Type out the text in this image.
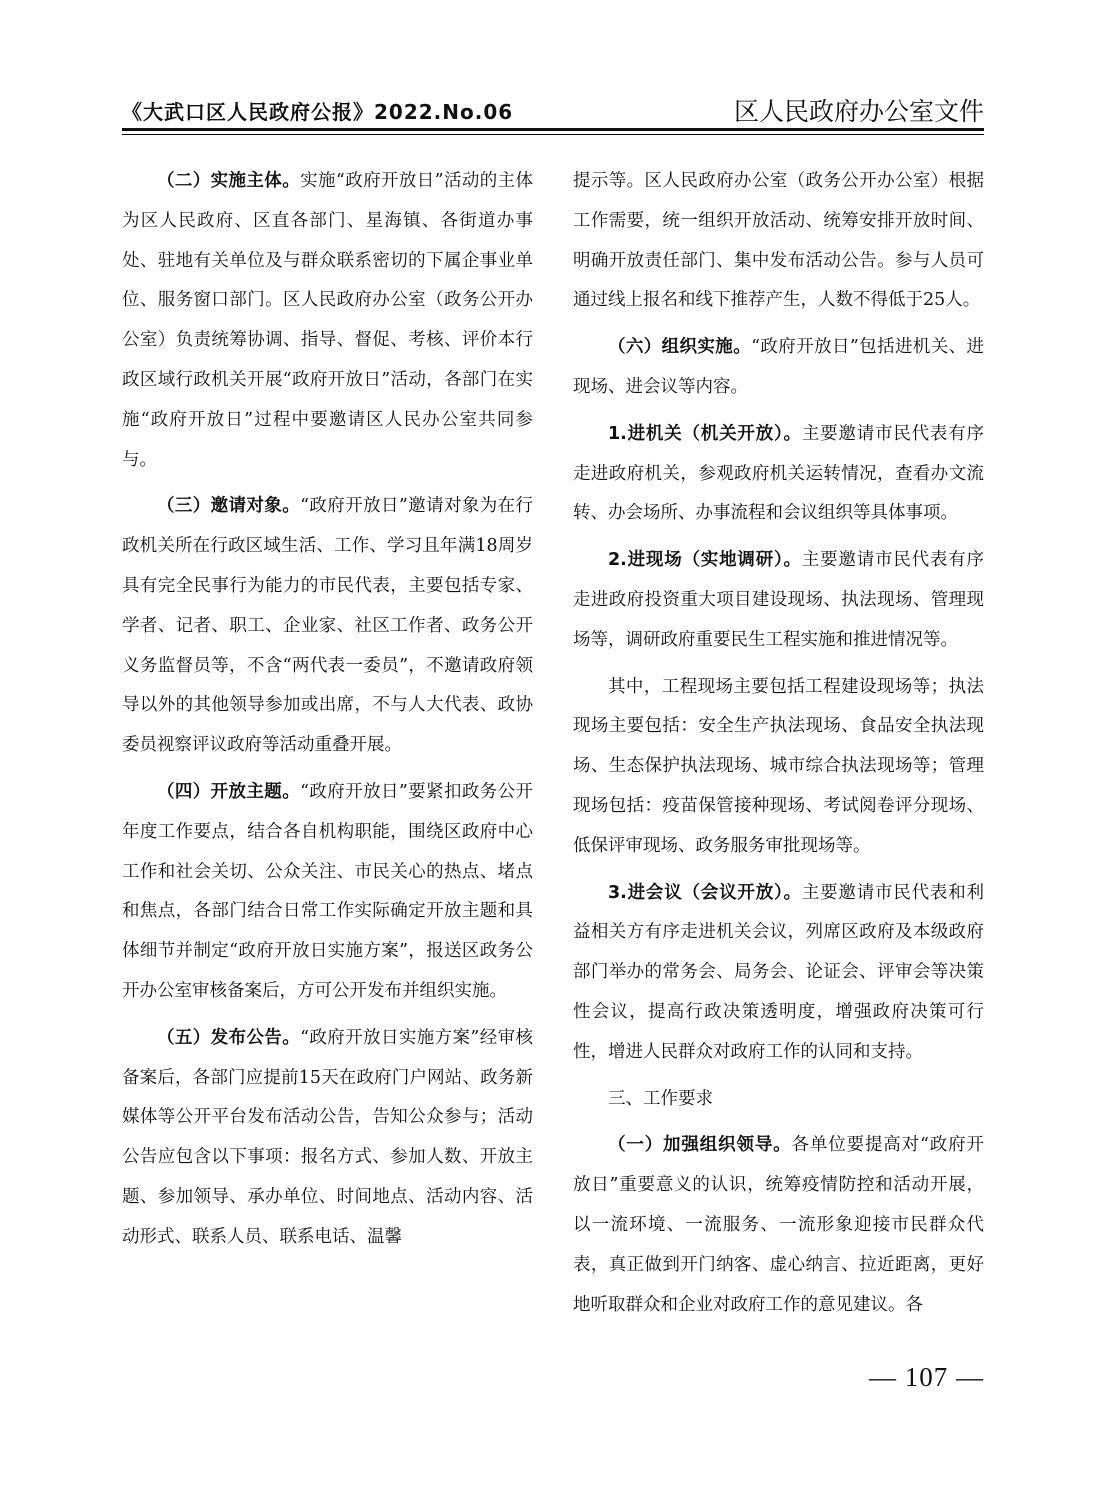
《大武口区人民政府公报》2022.No.06	区人民政府办公室文件

（二）实施主体。实施“政府开放日”活动的主体为区人民政府、区直各部门、星海镇、各街道办事处、驻地有关单位及与群众联系密切的下属企事业单位、服务窗口部门。区人民政府办公室（政务公开办公室）负责统筹协调、指导、督促、考核、评价本行政区域行政机关开展“政府开放日”活动，各部门在实施“政府开放日”过程中要邀请区人民办公室共同参与。

（三）邀请对象。“政府开放日”邀请对象为在行政机关所在行政区域生活、工作、学习且年满18周岁具有完全民事行为能力的市民代表，主要包括专家、学者、记者、职工、企业家、社区工作者、政务公开义务监督员等，不含“两代表一委员”，不邀请政府领导以外的其他领导参加或出席，不与人大代表、政协委员视察评议政府等活动重叠开展。

（四）开放主题。“政府开放日”要紧扣政务公开年度工作要点，结合各自机构职能，围绕区政府中心工作和社会关切、公众关注、市民关心的热点、堵点和焦点，各部门结合日常工作实际确定开放主题和具体细节并制定“政府开放日实施方案”，报送区政务公开办公室审核备案后，方可公开发布并组织实施。

（五）发布公告。“政府开放日实施方案”经审核备案后，各部门应提前15天在政府门户网站、政务新媒体等公开平台发布活动公告，告知公众参与；活动公告应包含以下事项：报名方式、参加人数、开放主题、参加领导、承办单位、时间地点、活动内容、活动形式、联系人员、联系电话、温馨

提示等。区人民政府办公室（政务公开办公室）根据工作需要，统一组织开放活动、统筹安排开放时间、明确开放责任部门、集中发布活动公告。参与人员可通过线上报名和线下推荐产生，人数不得低于25人。

（六）组织实施。“政府开放日”包括进机关、进现场、进会议等内容。

1.进机关（机关开放）。主要邀请市民代表有序走进政府机关，参观政府机关运转情况，查看办文流转、办会场所、办事流程和会议组织等具体事项。

2.进现场（实地调研）。主要邀请市民代表有序走进政府投资重大项目建设现场、执法现场、管理现场等，调研政府重要民生工程实施和推进情况等。

其中，工程现场主要包括工程建设现场等；执法现场主要包括：安全生产执法现场、食品安全执法现场、生态保护执法现场、城市综合执法现场等；管理现场包括：疫苗保管接种现场、考试阅卷评分现场、低保评审现场、政务服务审批现场等。

3.进会议（会议开放）。主要邀请市民代表和利益相关方有序走进机关会议，列席区政府及本级政府部门举办的常务会、局务会、论证会、评审会等决策性会议，提高行政决策透明度，增强政府决策可行性，增进人民群众对政府工作的认同和支持。

三、工作要求

（一）加强组织领导。各单位要提高对“政府开放日”重要意义的认识，统筹疫情防控和活动开展，以一流环境、一流服务、一流形象迎接市民群众代表，真正做到开门纳客、虚心纳言、拉近距离，更好地听取群众和企业对政府工作的意见建议。各

— 107 —
